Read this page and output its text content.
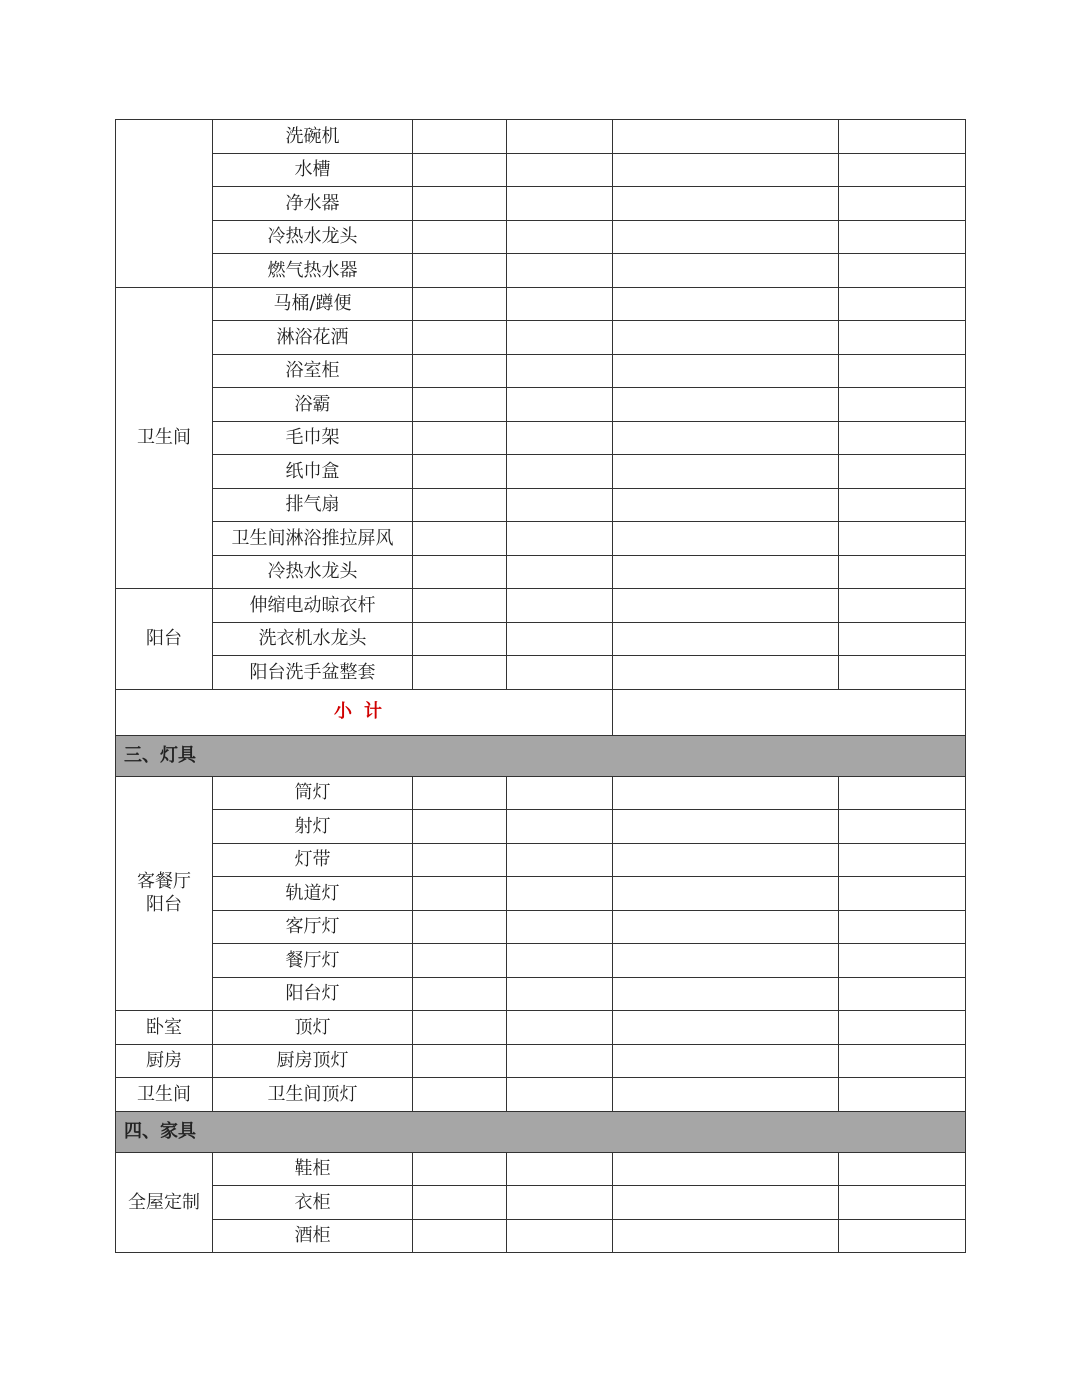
	洗碗机				
	水槽				
	净水器				
	冷热水龙头				
	燃气热水器				
卫生间	马桶/蹲便				
	淋浴花洒				
	浴室柜				
	浴霸				
	毛巾架				
	纸巾盒				
	排气扇				
	卫生间淋浴推拉屏风				
	冷热水龙头				
阳台	伸缩电动晾衣杆				
	洗衣机水龙头				
	阳台洗手盆整套				
小计					
三、灯具					

客餐厅
阳台	筒灯				
	射灯				
	灯带				
	轨道灯				
	客厅灯				
	餐厅灯				
	阳台灯				
卧室	顶灯				
厨房	厨房顶灯				
卫生间	卫生间顶灯				
四、家具					
全屋定制	鞋柜				
	衣柜				
	酒柜				
